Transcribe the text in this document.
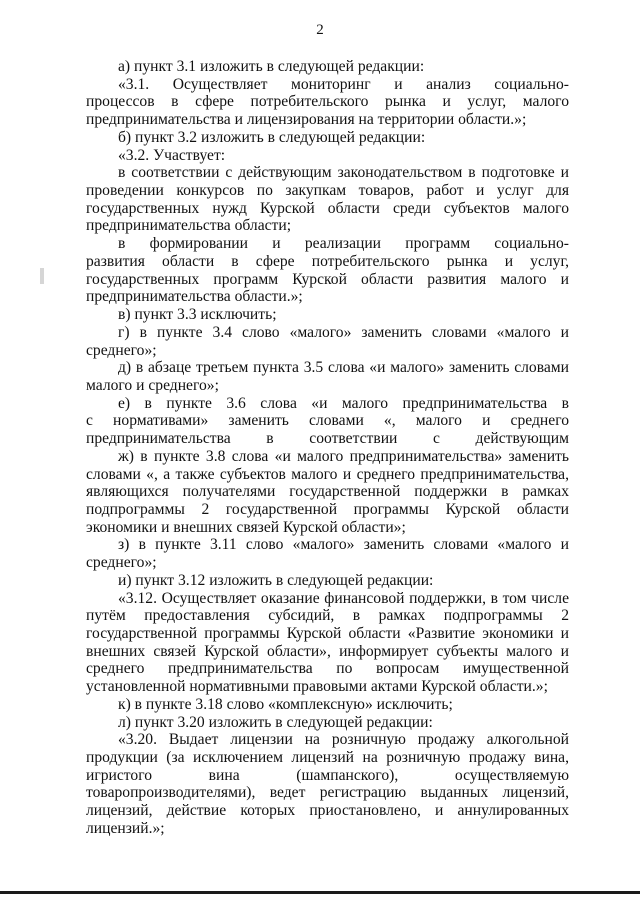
2
а) пункт 3.1 изложить в следующей редакции:
«3.1. Осуществляет мониторинг и анализ социально-
процессов в сфере потребительского рынка и услуг, малого
предпринимательства и лицензирования на территории области.»;
б) пункт 3.2 изложить в следующей редакции:
«3.2. Участвует:
в соответствии с действующим законодательством в подготовке и
проведении конкурсов по закупкам товаров, работ и услуг для
государственных нужд Курской области среди субъектов малого
предпринимательства области;
в формировании и реализации программ социально-
развития области в сфере потребительского рынка и услуг,
государственных программ Курской области развития малого и
предпринимательства области.»;
в) пункт 3.3 исключить;
г) в пункте 3.4 слово «малого» заменить словами «малого и
среднего»;
д) в абзаце третьем пункта 3.5 слова «и малого» заменить словами
малого и среднего»;
е) в пункте 3.6 слова «и малого предпринимательства в
с нормативами» заменить словами «, малого и среднего
предпринимательства в соответствии с действующим
ж) в пункте 3.8 слова «и малого предпринимательства» заменить
словами «, а также субъектов малого и среднего предпринимательства,
являющихся получателями государственной поддержки в рамках
подпрограммы 2 государственной программы Курской области
экономики и внешних связей Курской области»;
з) в пункте 3.11 слово «малого» заменить словами «малого и
среднего»;
и) пункт 3.12 изложить в следующей редакции:
«3.12. Осуществляет оказание финансовой поддержки, в том числе
путём предоставления субсидий, в рамках подпрограммы 2
государственной программы Курской области «Развитие экономики и
внешних связей Курской области», информирует субъекты малого и
среднего предпринимательства по вопросам имущественной
установленной нормативными правовыми актами Курской области.»;
к) в пункте 3.18 слово «комплексную» исключить;
л) пункт 3.20 изложить в следующей редакции:
«3.20. Выдает лицензии на розничную продажу алкогольной
продукции (за исключением лицензий на розничную продажу вина,
игристого вина (шампанского), осуществляемую
товаропроизводителями), ведет регистрацию выданных лицензий,
лицензий, действие которых приостановлено, и аннулированных
лицензий.»;
